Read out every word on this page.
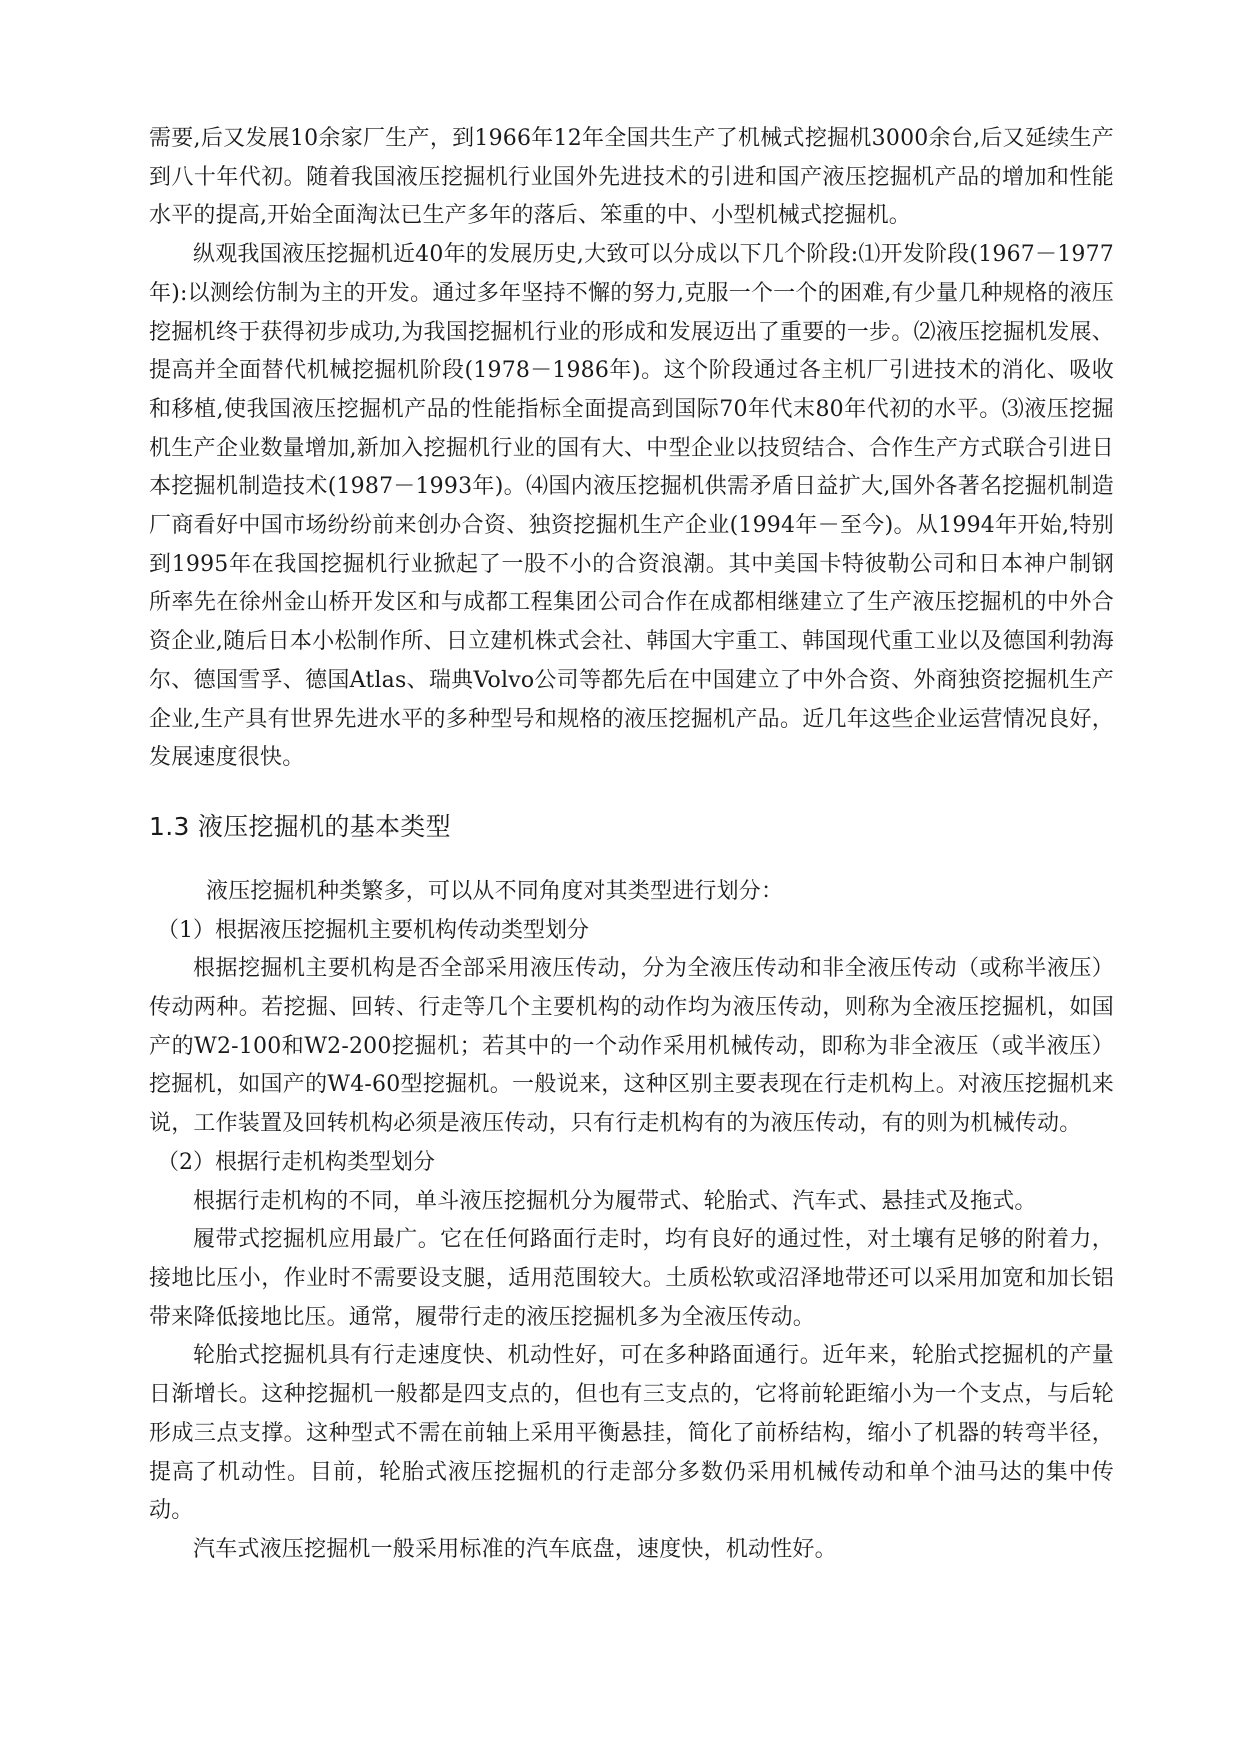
需要,后又发展10余家厂生产，到1966年12年全国共生产了机械式挖掘机3000余台,后又延续生产到八十年代初。随着我国液压挖掘机行业国外先进技术的引进和国产液压挖掘机产品的增加和性能水平的提高,开始全面淘汰已生产多年的落后、笨重的中、小型机械式挖掘机。

纵观我国液压挖掘机近40年的发展历史,大致可以分成以下几个阶段:⑴开发阶段(1967－1977年):以测绘仿制为主的开发。通过多年坚持不懈的努力,克服一个一个的困难,有少量几种规格的液压挖掘机终于获得初步成功,为我国挖掘机行业的形成和发展迈出了重要的一步。⑵液压挖掘机发展、提高并全面替代机械挖掘机阶段(1978－1986年)。这个阶段通过各主机厂引进技术的消化、吸收和移植,使我国液压挖掘机产品的性能指标全面提高到国际70年代末80年代初的水平。⑶液压挖掘机生产企业数量增加,新加入挖掘机行业的国有大、中型企业以技贸结合、合作生产方式联合引进日本挖掘机制造技术(1987－1993年)。⑷国内液压挖掘机供需矛盾日益扩大,国外各著名挖掘机制造厂商看好中国市场纷纷前来创办合资、独资挖掘机生产企业(1994年－至今)。从1994年开始,特别到1995年在我国挖掘机行业掀起了一股不小的合资浪潮。其中美国卡特彼勒公司和日本神户制钢所率先在徐州金山桥开发区和与成都工程集团公司合作在成都相继建立了生产液压挖掘机的中外合资企业,随后日本小松制作所、日立建机株式会社、韩国大宇重工、韩国现代重工业以及德国利勃海尔、德国雪孚、德国Atlas、瑞典Volvo公司等都先后在中国建立了中外合资、外商独资挖掘机生产企业,生产具有世界先进水平的多种型号和规格的液压挖掘机产品。近几年这些企业运营情况良好，发展速度很快。

1.3 液压挖掘机的基本类型

液压挖掘机种类繁多，可以从不同角度对其类型进行划分：

（1）根据液压挖掘机主要机构传动类型划分

根据挖掘机主要机构是否全部采用液压传动，分为全液压传动和非全液压传动（或称半液压）传动两种。若挖掘、回转、行走等几个主要机构的动作均为液压传动，则称为全液压挖掘机，如国产的W2-100和W2-200挖掘机；若其中的一个动作采用机械传动，即称为非全液压（或半液压）挖掘机，如国产的W4-60型挖掘机。一般说来，这种区别主要表现在行走机构上。对液压挖掘机来说，工作装置及回转机构必须是液压传动，只有行走机构有的为液压传动，有的则为机械传动。

（2）根据行走机构类型划分

根据行走机构的不同，单斗液压挖掘机分为履带式、轮胎式、汽车式、悬挂式及拖式。

履带式挖掘机应用最广。它在任何路面行走时，均有良好的通过性，对土壤有足够的附着力，接地比压小，作业时不需要设支腿，适用范围较大。土质松软或沼泽地带还可以采用加宽和加长铝带来降低接地比压。通常，履带行走的液压挖掘机多为全液压传动。

轮胎式挖掘机具有行走速度快、机动性好，可在多种路面通行。近年来，轮胎式挖掘机的产量日渐增长。这种挖掘机一般都是四支点的，但也有三支点的，它将前轮距缩小为一个支点，与后轮形成三点支撑。这种型式不需在前轴上采用平衡悬挂，简化了前桥结构，缩小了机器的转弯半径，提高了机动性。目前，轮胎式液压挖掘机的行走部分多数仍采用机械传动和单个油马达的集中传动。

汽车式液压挖掘机一般采用标准的汽车底盘，速度快，机动性好。
